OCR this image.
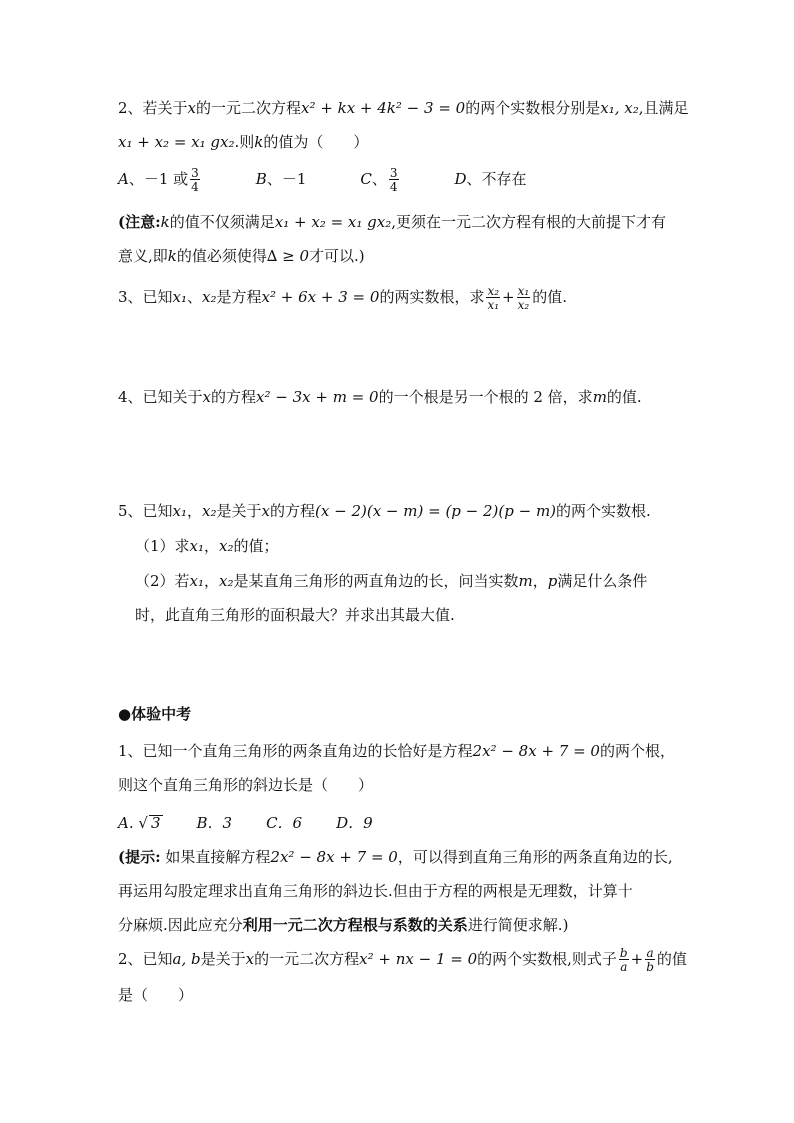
2、若关于x的一元二次方程x² + kx + 4k² − 3 = 0的两个实数根分别是x₁, x₂,且满足
x₁ + x₂ = x₁ gx₂.则k的值为（　　）
A、－1 或 $\frac{3}{4}$	B、－1	C、 $\frac{3}{4}$	D、不存在
(注意:k的值不仅须满足x₁ + x₂ = x₁ gx₂,更须在一元二次方程有根的大前提下才有
意义,即k的值必须使得∆ ≥ 0才可以.)
3、已知x₁、x₂是方程x² + 6x + 3 = 0的两实数根，求 $\frac{\text{x₂}}{\text{x₁}} + \frac{\text{x₁}}{\text{x₂}}$ 的值.
4、已知关于x的方程x² − 3x + m = 0的一个根是另一个根的 2 倍，求m的值.
5、已知x₁，x₂是关于x的方程(x − 2)(x − m) = (p − 2)(p − m)的两个实数根.
（1）求x₁，x₂的值；
（2）若x₁，x₂是某直角三角形的两直角边的长，问当实数m，p满足什么条件
时，此直角三角形的面积最大？并求出其最大值.
●体验中考
1、已知一个直角三角形的两条直角边的长恰好是方程2x² − 8x + 7 = 0的两个根，
则这个直角三角形的斜边长是（　　）
A. √ 3 B．3 C．6 D．9
(提示: 如果直接解方程2x² − 8x + 7 = 0，可以得到直角三角形的两条直角边的长,
再运用勾股定理求出直角三角形的斜边长.但由于方程的两根是无理数，计算十
分麻烦.因此应充分利用一元二次方程根与系数的关系进行简便求解.)
2、已知a, b是关于x的一元二次方程x² + nx − 1 = 0的两个实数根,则式子 $\frac{b}{a} + \frac{a}{b}$ 的值
是（　　）
